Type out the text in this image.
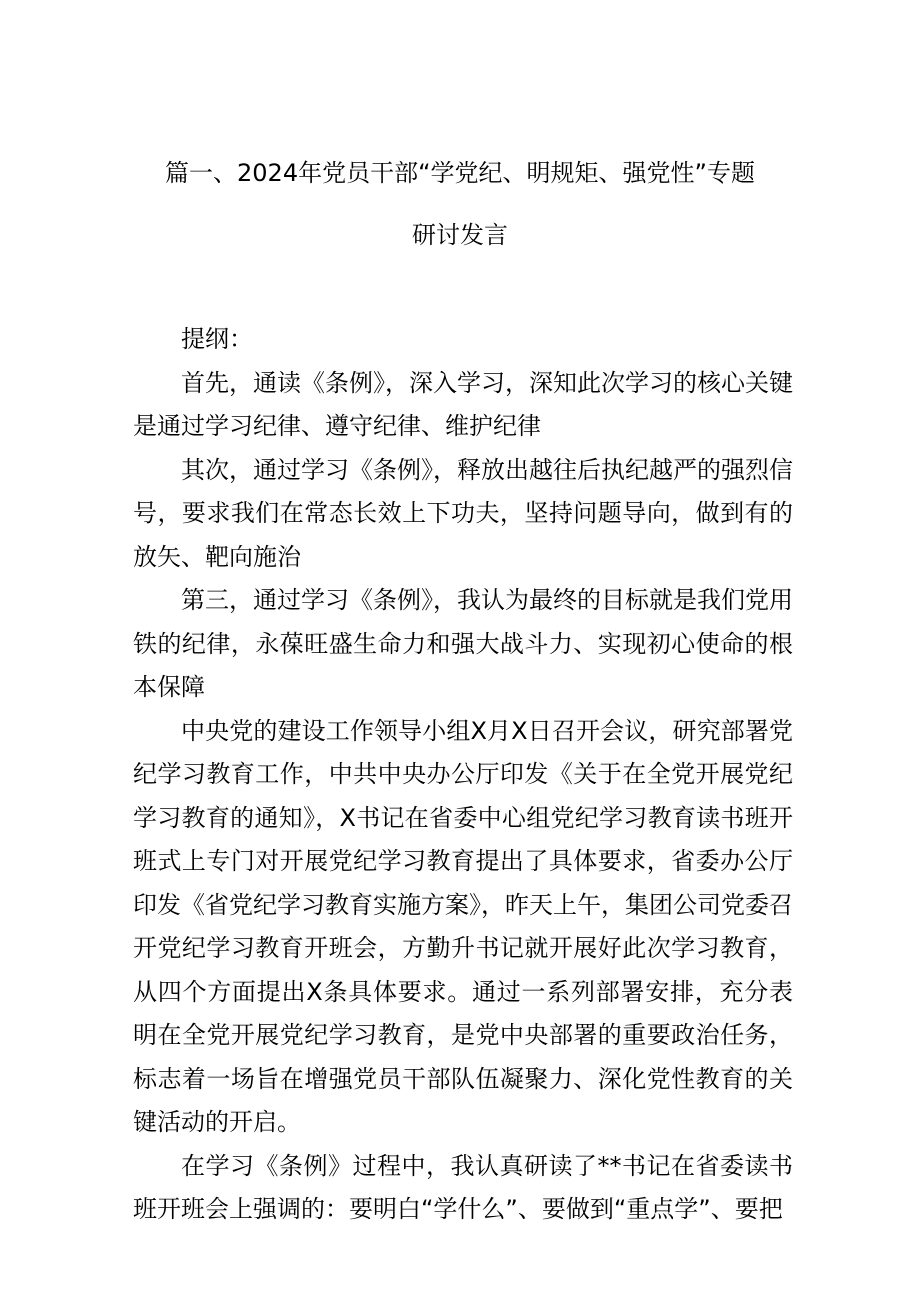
篇一、2024年党员干部“学党纪、明规矩、强党性”专题
研讨发言

提纲：

首先，通读《条例》，深入学习，深知此次学习的核心关键是通过学习纪律、遵守纪律、维护纪律

其次，通过学习《条例》，释放出越往后执纪越严的强烈信号，要求我们在常态长效上下功夫，坚持问题导向，做到有的放矢、靶向施治

第三，通过学习《条例》，我认为最终的目标就是我们党用铁的纪律，永葆旺盛生命力和强大战斗力、实现初心使命的根本保障

中央党的建设工作领导小组X月X日召开会议，研究部署党纪学习教育工作，中共中央办公厅印发《关于在全党开展党纪学习教育的通知》，X书记在省委中心组党纪学习教育读书班开班式上专门对开展党纪学习教育提出了具体要求，省委办公厅印发《省党纪学习教育实施方案》，昨天上午，集团公司党委召开党纪学习教育开班会，方勤升书记就开展好此次学习教育，从四个方面提出X条具体要求。通过一系列部署安排，充分表明在全党开展党纪学习教育，是党中央部署的重要政治任务，标志着一场旨在增强党员干部队伍凝聚力、深化党性教育的关键活动的开启。

在学习《条例》过程中，我认真研读了**书记在省委读书班开班会上强调的：要明白“学什么”、要做到“重点学”、要把
